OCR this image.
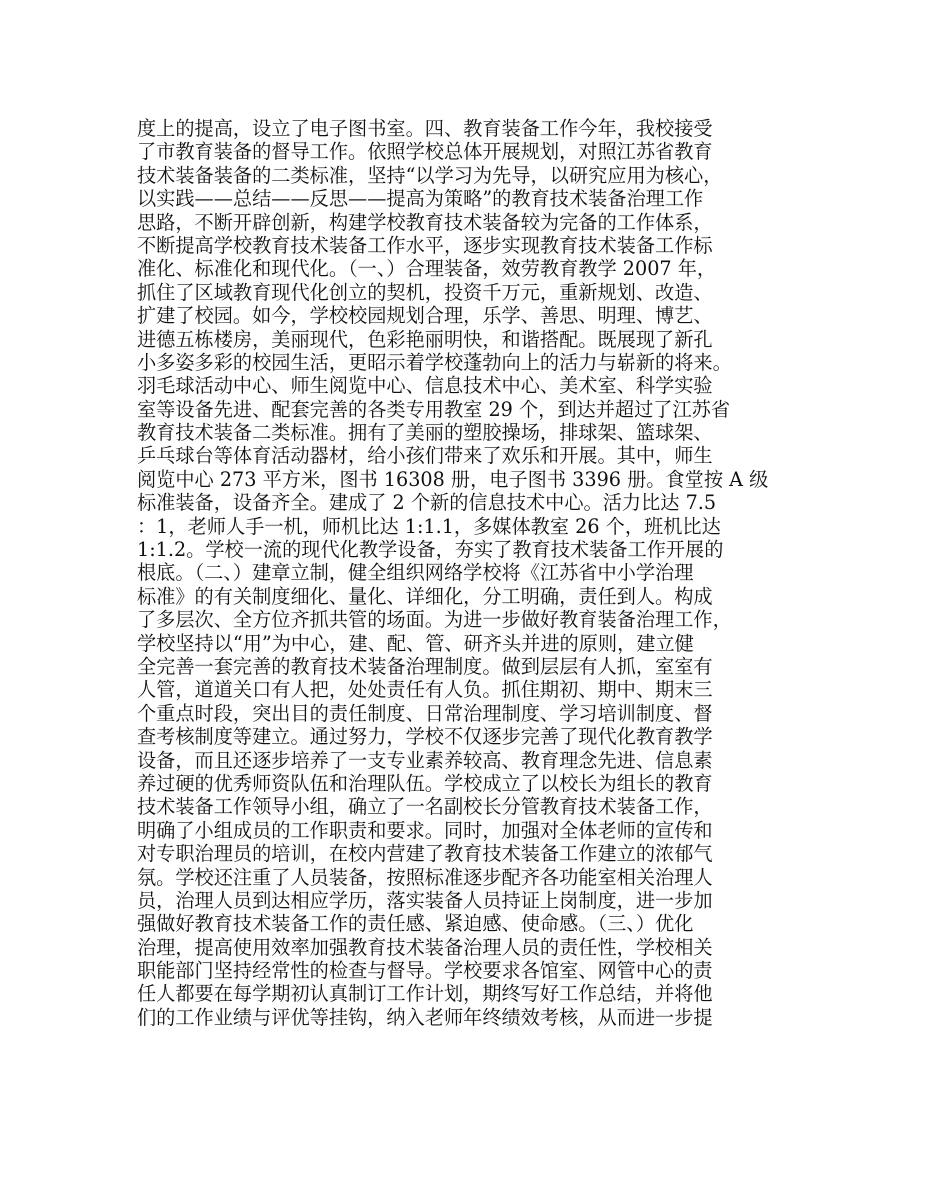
度上的提高，设立了电子图书室。四、教育装备工作今年，我校接受
了市教育装备的督导工作。依照学校总体开展规划，对照江苏省教育
技术装备装备的二类标准，坚持“以学习为先导，以研究应用为核心，
以实践——总结——反思——提高为策略”的教育技术装备治理工作
思路，不断开辟创新，构建学校教育技术装备较为完备的工作体系，
不断提高学校教育技术装备工作水平，逐步实现教育技术装备工作标
准化、标准化和现代化。（一、）合理装备，效劳教育教学 2007 年，
抓住了区域教育现代化创立的契机，投资千万元，重新规划、改造、
扩建了校园。如今，学校校园规划合理，乐学、善思、明理、博艺、
进德五栋楼房，美丽现代，色彩艳丽明快，和谐搭配。既展现了新孔
小多姿多彩的校园生活，更昭示着学校蓬勃向上的活力与崭新的将来。
羽毛球活动中心、师生阅览中心、信息技术中心、美术室、科学实验
室等设备先进、配套完善的各类专用教室 29 个，到达并超过了江苏省
教育技术装备二类标准。拥有了美丽的塑胶操场，排球架、篮球架、
乒乓球台等体育活动器材，给小孩们带来了欢乐和开展。其中，师生
阅览中心 273 平方米，图书 16308 册，电子图书 3396 册。食堂按 A 级
标准装备，设备齐全。建成了 2 个新的信息技术中心。活力比达 7.5
：1，老师人手一机，师机比达 1:1.1，多媒体教室 26 个，班机比达
1:1.2。学校一流的现代化教学设备，夯实了教育技术装备工作开展的
根底。（二、）建章立制，健全组织网络学校将《江苏省中小学治理
标准》的有关制度细化、量化、详细化，分工明确，责任到人。构成
了多层次、全方位齐抓共管的场面。为进一步做好教育装备治理工作，
学校坚持以“用”为中心，建、配、管、研齐头并进的原则，建立健
全完善一套完善的教育技术装备治理制度。做到层层有人抓，室室有
人管，道道关口有人把，处处责任有人负。抓住期初、期中、期末三
个重点时段，突出目的责任制度、日常治理制度、学习培训制度、督
查考核制度等建立。通过努力，学校不仅逐步完善了现代化教育教学
设备，而且还逐步培养了一支专业素养较高、教育理念先进、信息素
养过硬的优秀师资队伍和治理队伍。学校成立了以校长为组长的教育
技术装备工作领导小组，确立了一名副校长分管教育技术装备工作，
明确了小组成员的工作职责和要求。同时，加强对全体老师的宣传和
对专职治理员的培训，在校内营建了教育技术装备工作建立的浓郁气
氛。学校还注重了人员装备，按照标准逐步配齐各功能室相关治理人
员，治理人员到达相应学历，落实装备人员持证上岗制度，进一步加
强做好教育技术装备工作的责任感、紧迫感、使命感。（三、）优化
治理，提高使用效率加强教育技术装备治理人员的责任性，学校相关
职能部门坚持经常性的检查与督导。学校要求各馆室、网管中心的责
任人都要在每学期初认真制订工作计划，期终写好工作总结，并将他
们的工作业绩与评优等挂钩，纳入老师年终绩效考核，从而进一步提
